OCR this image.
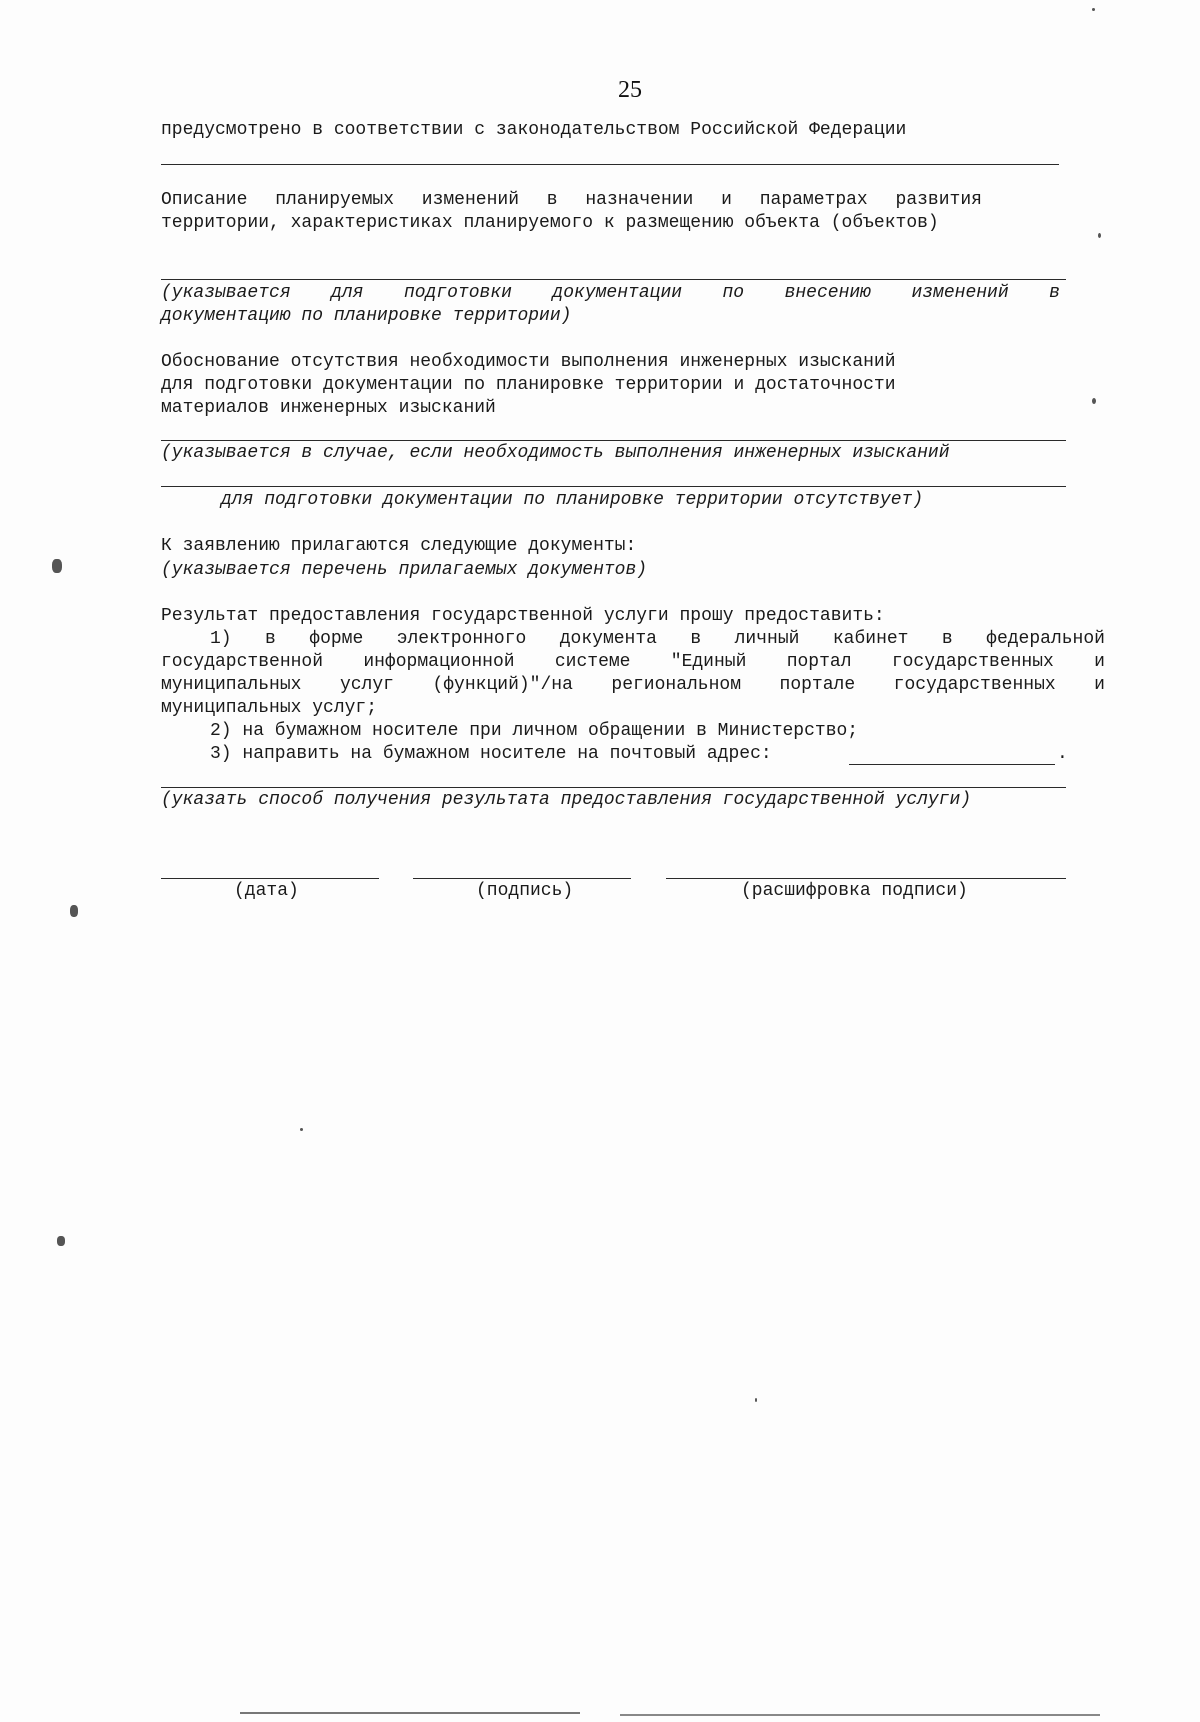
25
предусмотрено в соответствии с законодательством Российской Федерации
Описание планируемых изменений в назначении и параметрах развития
территории, характеристиках планируемого к размещению объекта (объектов)
(указывается для подготовки документации по внесению изменений в
документацию по планировке территории)
Обоснование отсутствия необходимости выполнения инженерных изысканий
для подготовки документации по планировке территории и достаточности
материалов инженерных изысканий
(указывается в случае, если необходимость выполнения инженерных изысканий
для подготовки документации по планировке территории отсутствует)
К заявлению прилагаются следующие документы:
(указывается перечень прилагаемых документов)
Результат предоставления государственной услуги прошу предоставить:
1) в форме электронного документа в личный кабинет в федеральной
государственной информационной системе "Единый портал государственных и
муниципальных услуг (функций)"/на региональном портале государственных и
муниципальных услуг;
2) на бумажном носителе при личном обращении в Министерство;
3) направить на бумажном носителе на почтовый адрес:	.
(указать способ получения результата предоставления государственной услуги)
(дата)	(подпись)	(расшифровка подписи)
